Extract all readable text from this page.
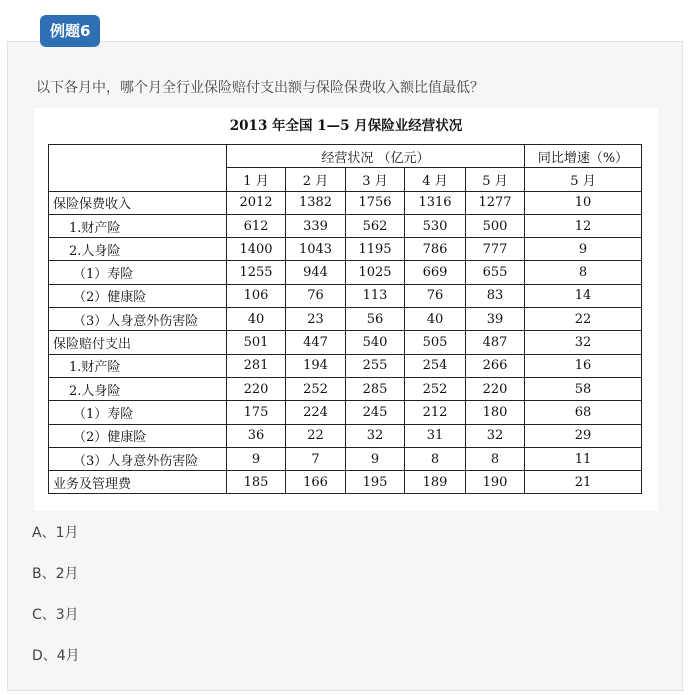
例题6
以下各月中，哪个月全行业保险赔付支出额与保险保费收入额比值最低？
2013 年全国 1—5 月保险业经营状况
	经营状况 （亿元）					同比增速（%）
	1 月	2 月	3 月	4 月	5 月	5 月
保险保费收入	2012	1382	1756	1316	1277	10
1.财产险	612	339	562	530	500	12
2.人身险	1400	1043	1195	786	777	9
（1）寿险	1255	944	1025	669	655	8
（2）健康险	106	76	113	76	83	14
（3）人身意外伤害险	40	23	56	40	39	22
保险赔付支出	501	447	540	505	487	32
1.财产险	281	194	255	254	266	16
2.人身险	220	252	285	252	220	58
（1）寿险	175	224	245	212	180	68
（2）健康险	36	22	32	31	32	29
（3）人身意外伤害险	9	7	9	8	8	11
业务及管理费	185	166	195	189	190	21
A、1月
B、2月
C、3月
D、4月
